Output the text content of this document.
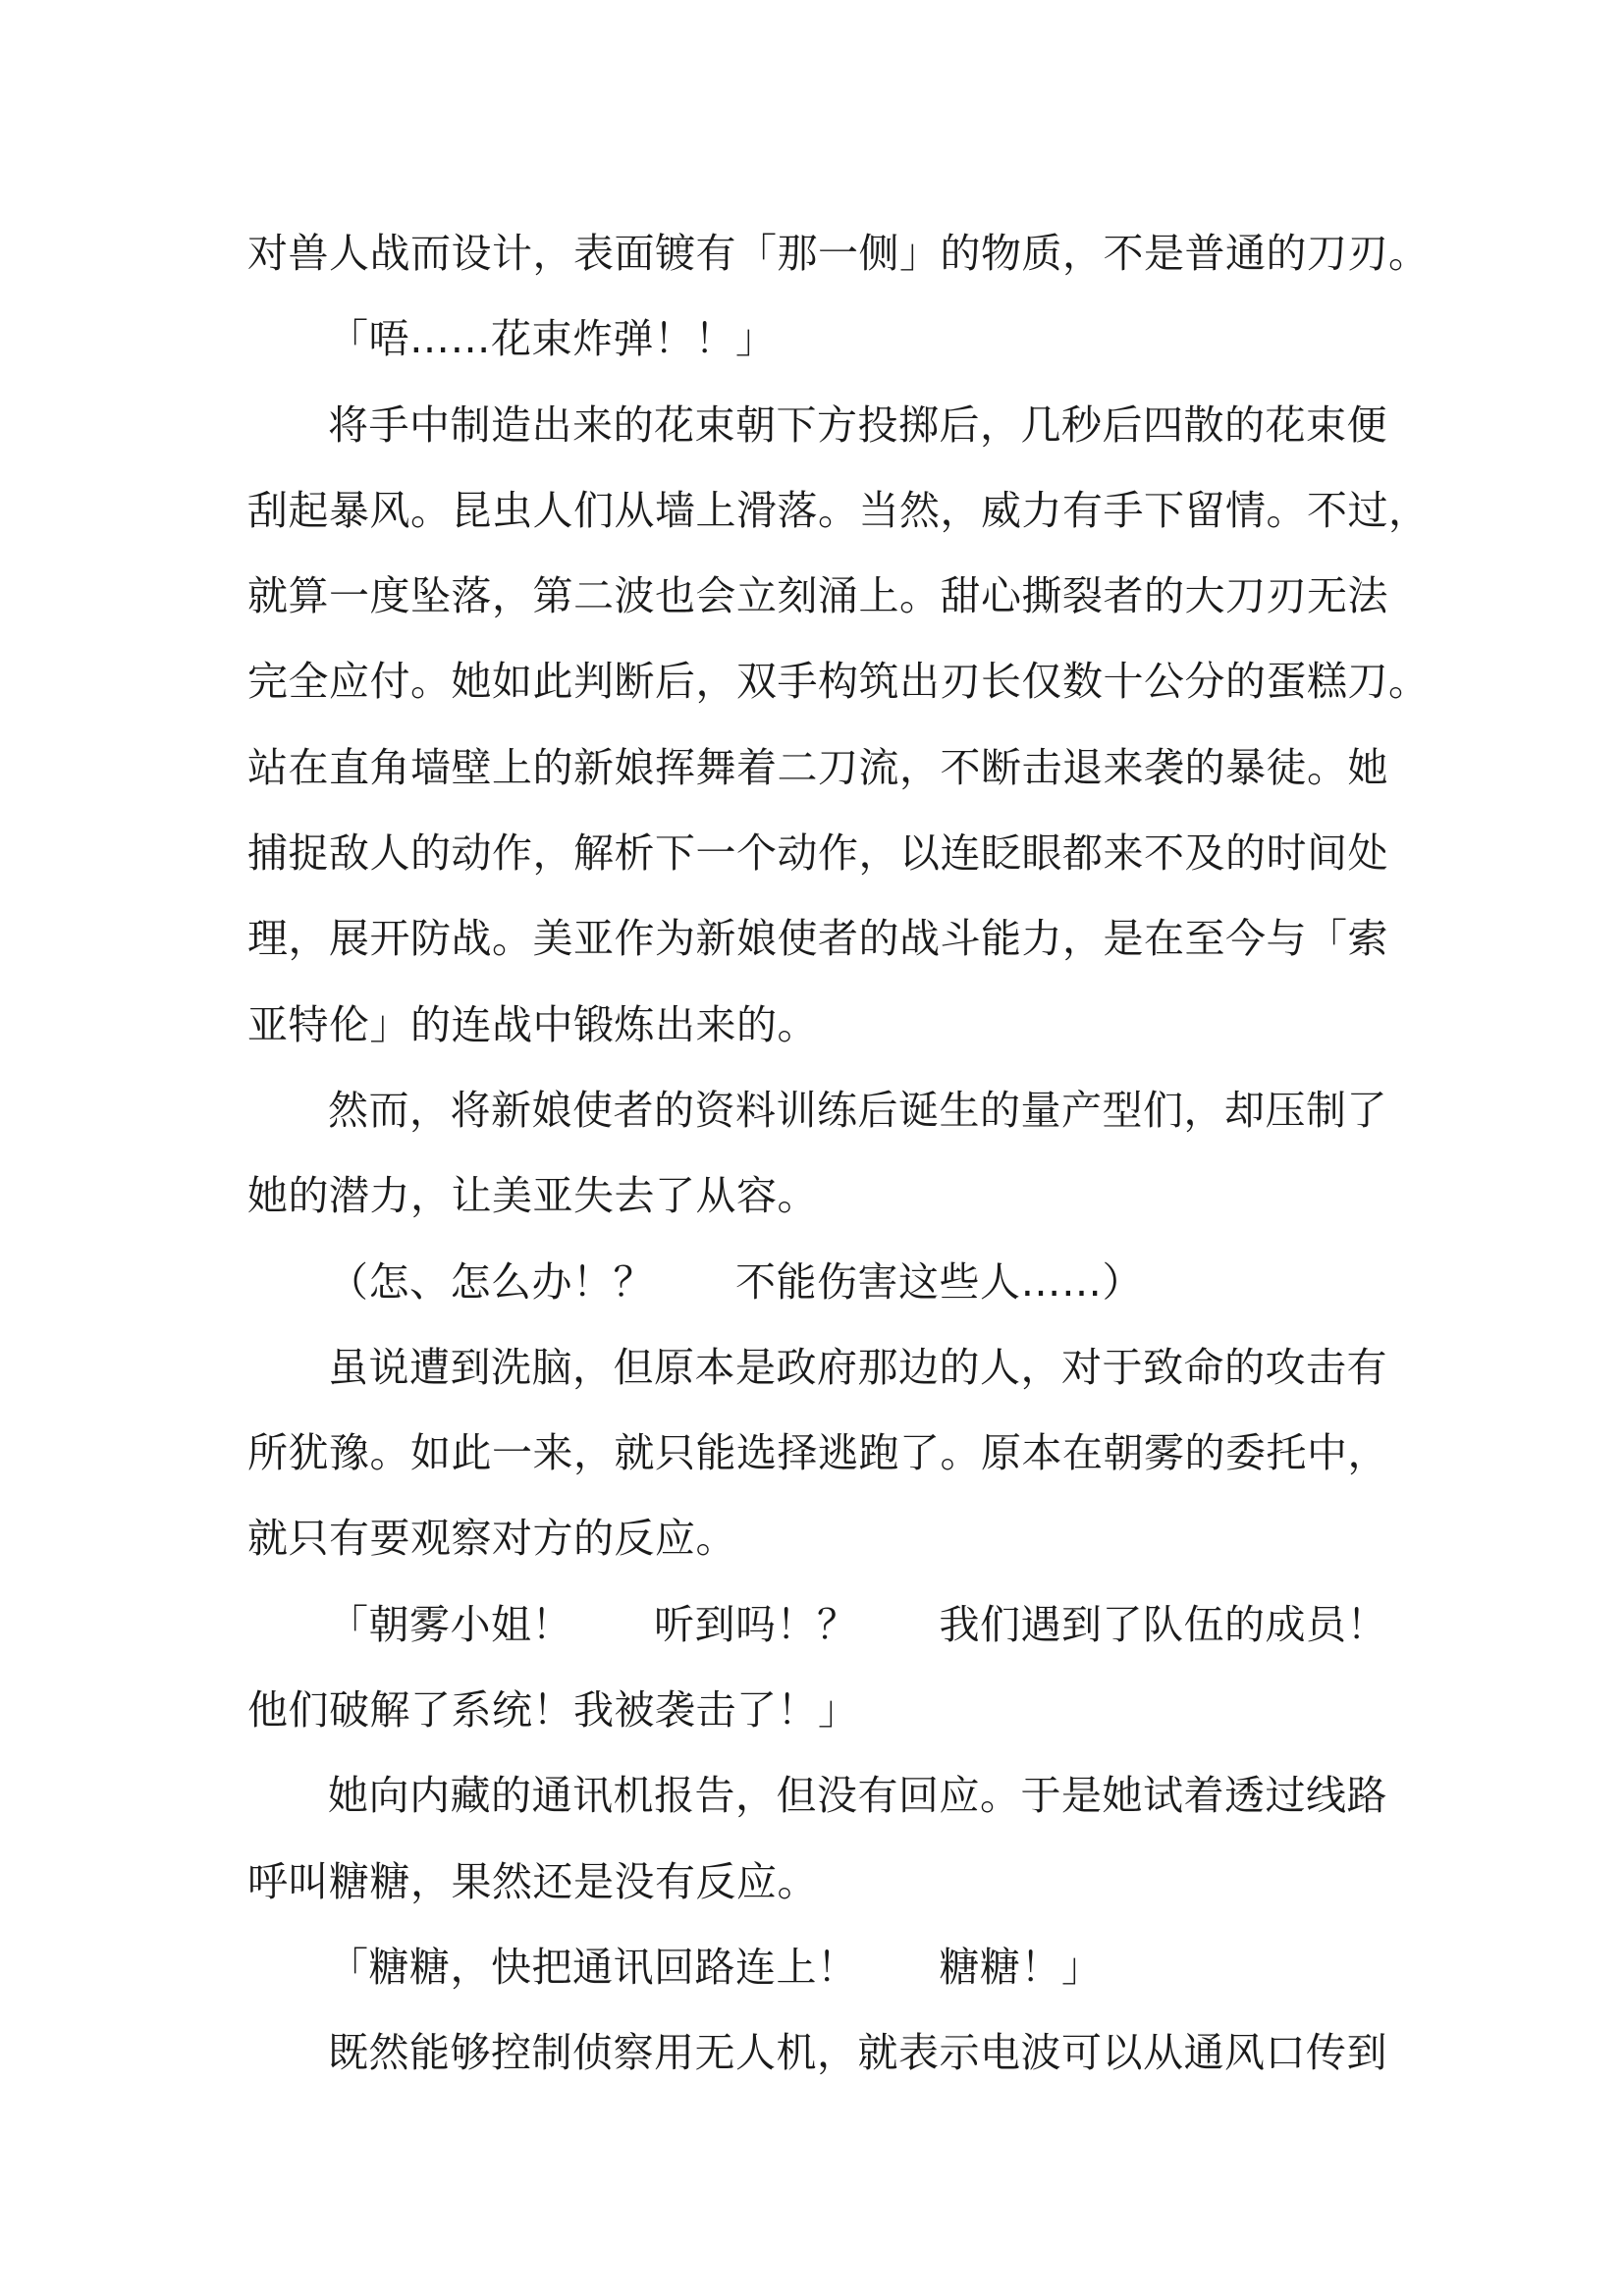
对兽人战而设计，表面镀有「那一侧」的物质，不是普通的刀刃。
「唔……花束炸弹！！」
将手中制造出来的花束朝下方投掷后，几秒后四散的花束便
刮起暴风。昆虫人们从墙上滑落。当然，威力有手下留情。不过，
就算一度坠落，第二波也会立刻涌上。甜心撕裂者的大刀刃无法
完全应付。她如此判断后，双手构筑出刃长仅数十公分的蛋糕刀。
站在直角墙壁上的新娘挥舞着二刀流，不断击退来袭的暴徒。她
捕捉敌人的动作，解析下一个动作，以连眨眼都来不及的时间处
理，展开防战。美亚作为新娘使者的战斗能力，是在至今与「索
亚特伦」的连战中锻炼出来的。
然而，将新娘使者的资料训练后诞生的量产型们，却压制了
她的潜力，让美亚失去了从容。
（怎、怎么办！？　　不能伤害这些人……）
虽说遭到洗脑，但原本是政府那边的人，对于致命的攻击有
所犹豫。如此一来，就只能选择逃跑了。原本在朝雾的委托中，
就只有要观察对方的反应。
「朝雾小姐！　　听到吗！？　　我们遇到了队伍的成员！
他们破解了系统！我被袭击了！」
她向内藏的通讯机报告，但没有回应。于是她试着透过线路
呼叫糖糖，果然还是没有反应。
「糖糖，快把通讯回路连上！　　糖糖！」
既然能够控制侦察用无人机，就表示电波可以从通风口传到
